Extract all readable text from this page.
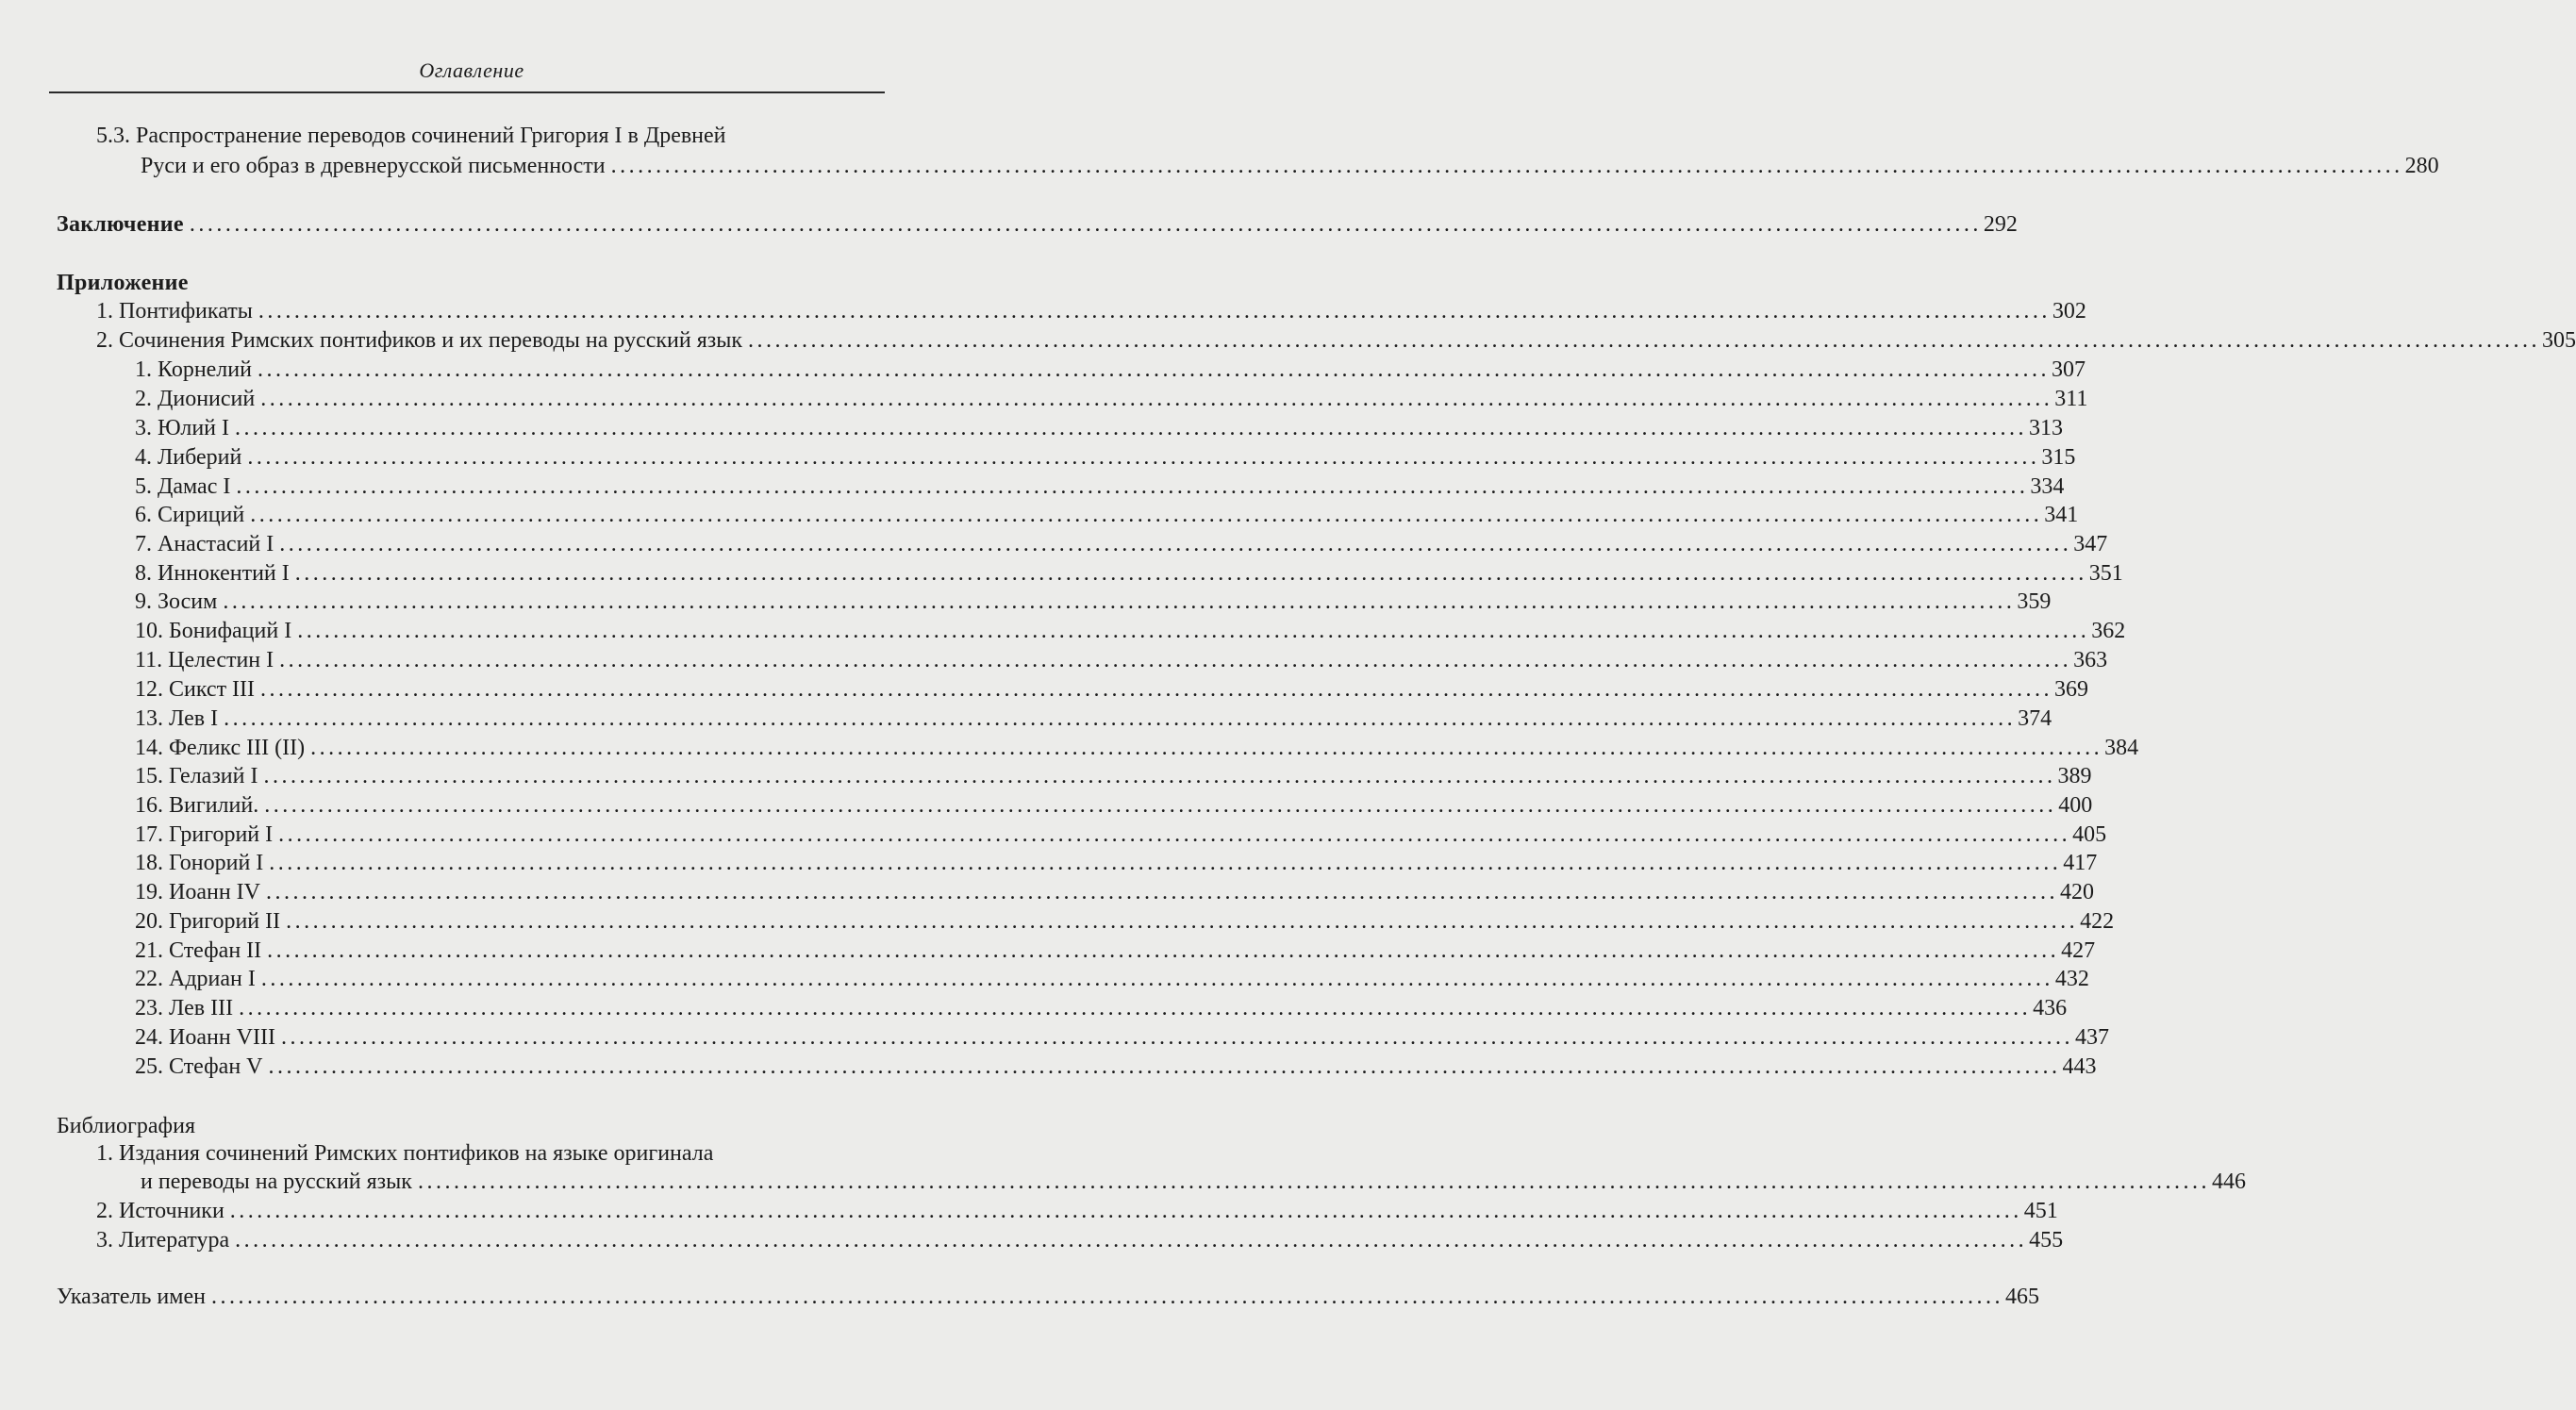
Оглавление
5.3. Распространение переводов сочинений Григория I в Древней
Руси и его образ в древнерусской письменности ........................................................................................................................................................................................................ 280
Заключение ........................................................................................................................................................................................................ 292
Приложение
1. Понтификаты ........................................................................................................................................................................................................ 302
2. Сочинения Римских понтификов и их переводы на русский язык ........................................................................................................................................................................................................ 305
1. Корнелий ........................................................................................................................................................................................................ 307
2. Дионисий ........................................................................................................................................................................................................ 311
3. Юлий I ........................................................................................................................................................................................................ 313
4. Либерий ........................................................................................................................................................................................................ 315
5. Дамас I ........................................................................................................................................................................................................ 334
6. Сириций ........................................................................................................................................................................................................ 341
7. Анастасий I ........................................................................................................................................................................................................ 347
8. Иннокентий I ........................................................................................................................................................................................................ 351
9. Зосим ........................................................................................................................................................................................................ 359
10. Бонифаций I ........................................................................................................................................................................................................ 362
11. Целестин I ........................................................................................................................................................................................................ 363
12. Сикст III ........................................................................................................................................................................................................ 369
13. Лев I ........................................................................................................................................................................................................ 374
14. Феликс III (II) ........................................................................................................................................................................................................ 384
15. Гелазий I ........................................................................................................................................................................................................ 389
16. Вигилий. ........................................................................................................................................................................................................ 400
17. Григорий I ........................................................................................................................................................................................................ 405
18. Гонорий I ........................................................................................................................................................................................................ 417
19. Иоанн IV ........................................................................................................................................................................................................ 420
20. Григорий II ........................................................................................................................................................................................................ 422
21. Стефан II ........................................................................................................................................................................................................ 427
22. Адриан I ........................................................................................................................................................................................................ 432
23. Лев III ........................................................................................................................................................................................................ 436
24. Иоанн VIII ........................................................................................................................................................................................................ 437
25. Стефан V ........................................................................................................................................................................................................ 443
Библиография
1. Издания сочинений Римских понтификов на языке оригинала
и переводы на русский язык ........................................................................................................................................................................................................ 446
2. Источники ........................................................................................................................................................................................................ 451
3. Литература ........................................................................................................................................................................................................ 455
Указатель имен ........................................................................................................................................................................................................ 465
